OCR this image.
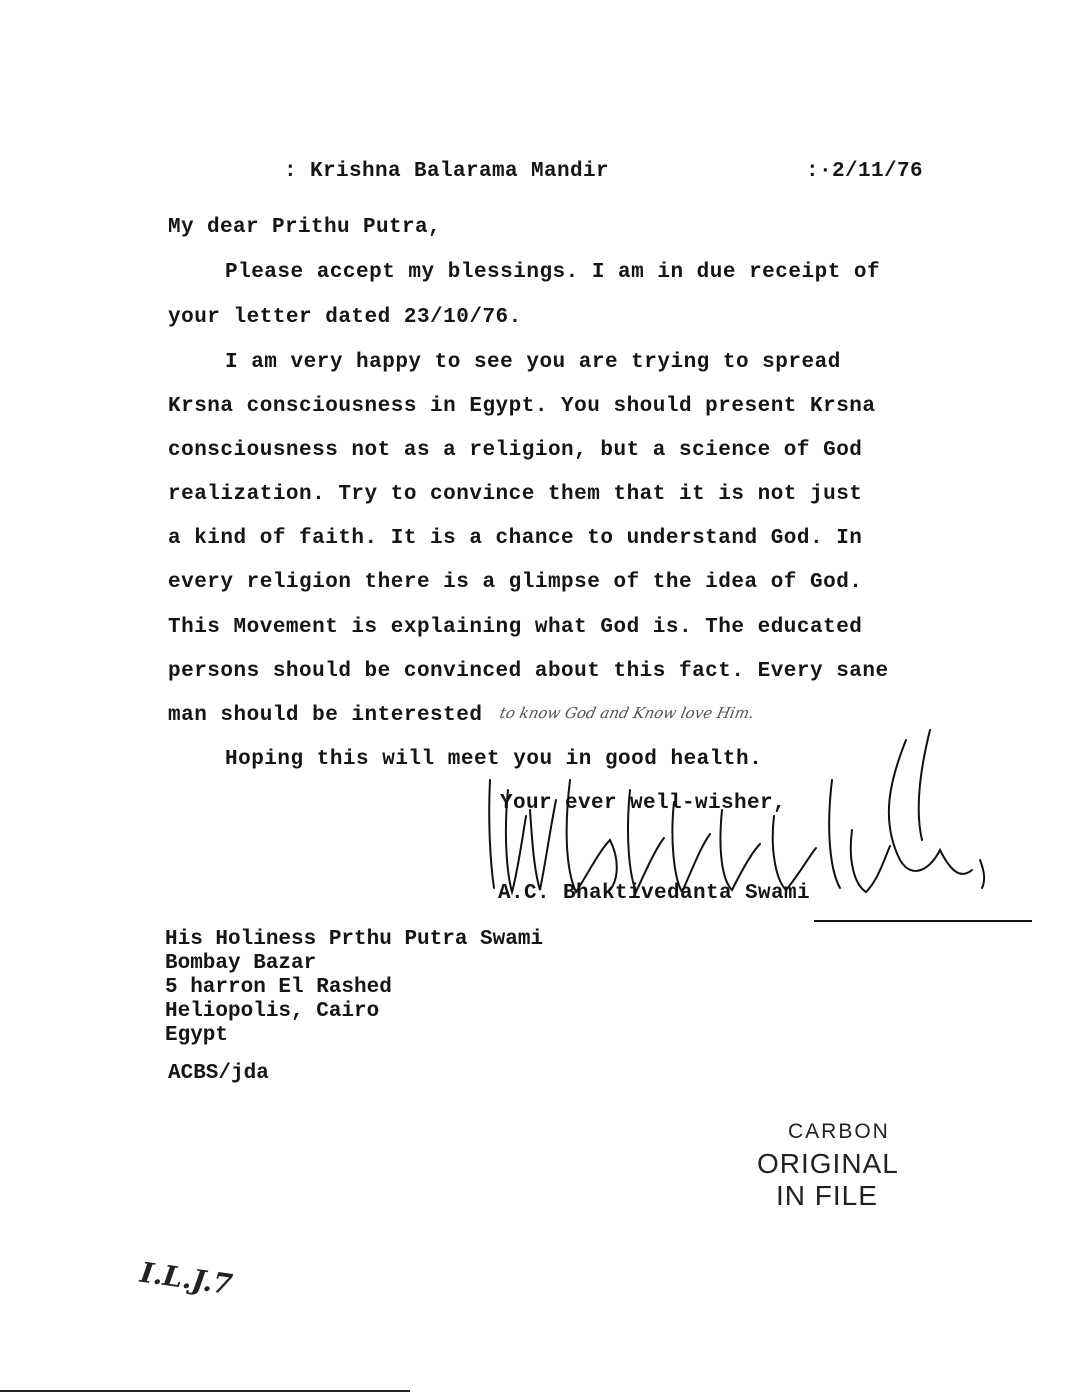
: Krishna Balarama Mandir	:·2/11/76
My dear Prithu Putra,
Please accept my blessings. I am in due receipt of
your letter dated 23/10/76.
I am very happy to see you are trying to spread
Krsna consciousness in Egypt. You should present Krsna
consciousness not as a religion, but a science of God
realization. Try to convince them that it is not just
a kind of faith. It is a chance to understand God. In
every religion there is a glimpse of the idea of God.
This Movement is explaining what God is. The educated
persons should be convinced about this fact. Every sane
man should be interested to know God and Know love Him.
Hoping this will meet you in good health.
Your ever well-wisher,
A.C. Bhaktivedanta Swami
His Holiness Prthu Putra Swami
Bombay Bazar
5 harron El Rashed
Heliopolis, Cairo
Egypt
ACBS/jda
CARBON
ORIGINAL
IN FILE
I.L.J.7
